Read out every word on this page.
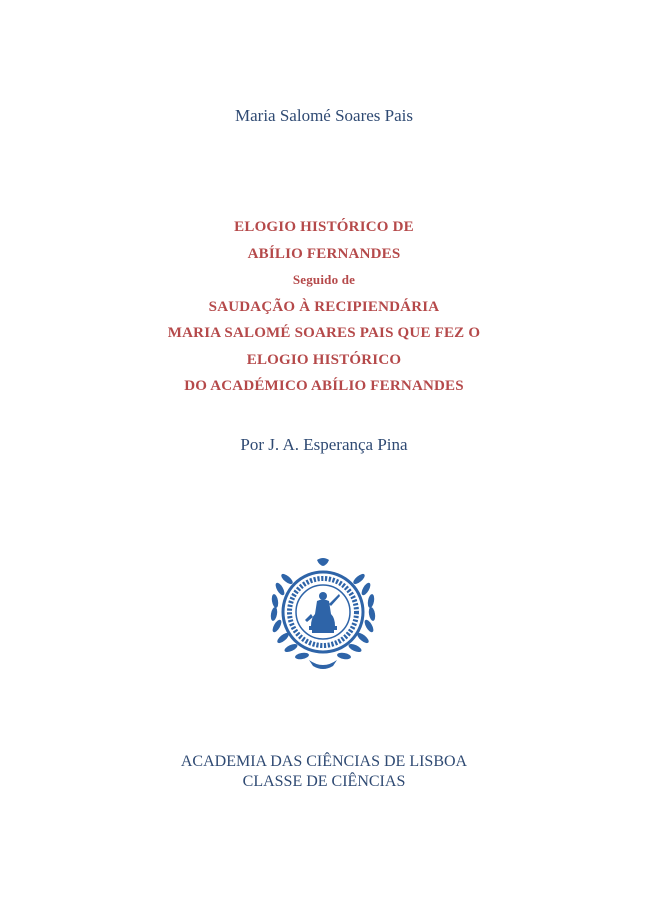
Maria Salomé Soares Pais
ELOGIO HISTÓRICO DE
ABÍLIO FERNANDES
Seguido de
SAUDAÇÃO À RECIPIENDÁRIA
MARIA SALOMÉ SOARES PAIS QUE FEZ O
ELOGIO HISTÓRICO
DO ACADÉMICO ABÍLIO FERNANDES
Por J. A. Esperança Pina
ACADEMIA DAS CIÊNCIAS DE LISBOA
CLASSE DE CIÊNCIAS
